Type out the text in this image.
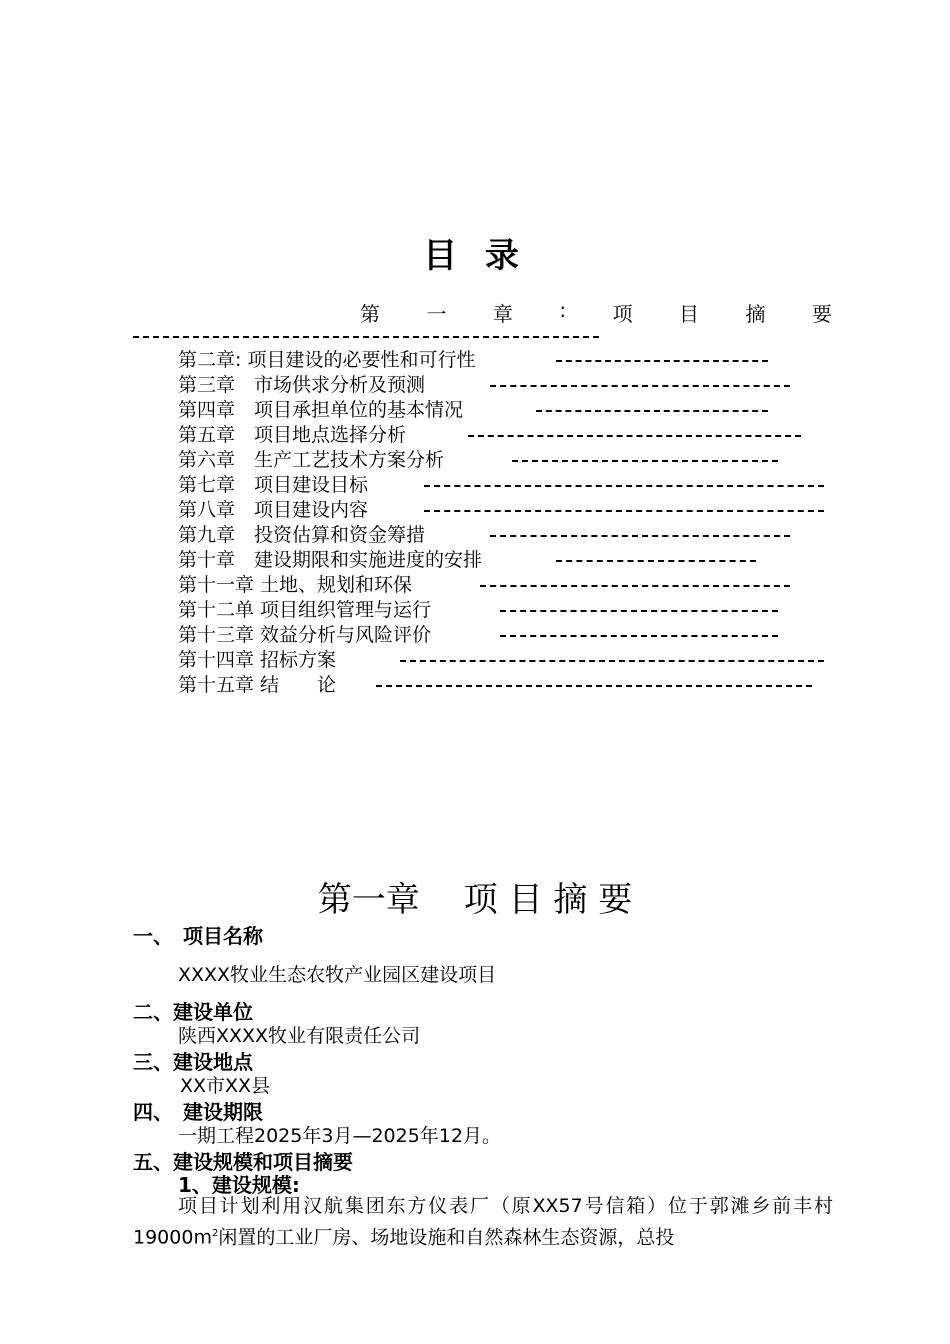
目 录
第 一 章 : 项 目 摘 要
第二章: 项目建设的必要性和可行性
第三章　市场供求分析及预测
第四章　项目承担单位的基本情况
第五章　项目地点选择分析
第六章　生产工艺技术方案分析
第七章　项目建设目标
第八章　项目建设内容
第九章　投资估算和资金筹措
第十章　建设期限和实施进度的安排
第十一章 土地、规划和环保
第十二单 项目组织管理与运行
第十三章 效益分析与风险评价
第十四章 招标方案
第十五章 结　　论
第一章 项 目 摘 要
一、　项目名称
XXXX牧业生态农牧产业园区建设项目
二、建设单位
陕西XXXX牧业有限责任公司
三、建设地点
XX市XX县
四、　建设期限
一期工程2025年3月—2025年12月。
五、建设规模和项目摘要
1、建设规模:
项目计划利用汉航集团东方仪表厂（原XX57号信箱）位于郭滩乡前丰村$19000m^2$闲置的工业厂房、场地设施和自然森林生态资源，总投
